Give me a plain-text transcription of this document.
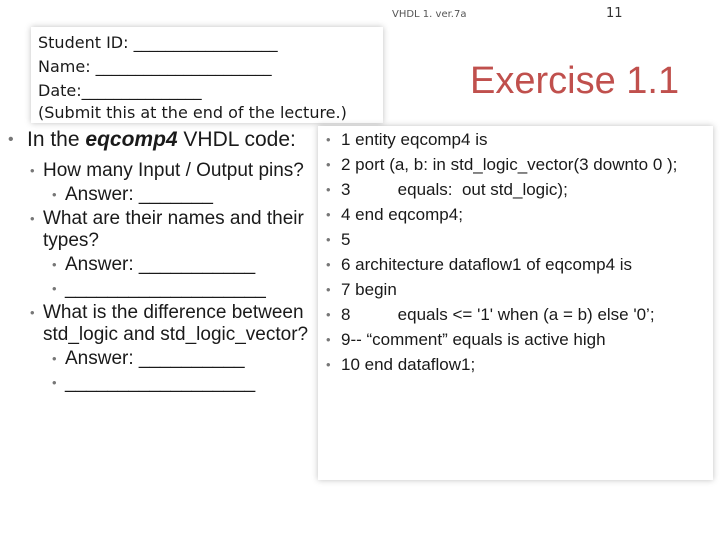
VHDL 1. ver.7a	11
Student ID: __________________
Name: ______________________
Date:_______________
(Submit this at the end of the lecture.)
Exercise 1.1
• In the eqcomp4 VHDL code:
• How many Input / Output pins?
• Answer: _______
• What are their names and their types?
• Answer: ___________
• ___________________
• What is the difference between std_logic and std_logic_vector?
• Answer: __________
• __________________
• 1 entity eqcomp4 is
• 2 port (a, b: in std_logic_vector(3 downto 0 );
• 3          equals:  out std_logic);
• 4 end eqcomp4;
• 5
• 6 architecture dataflow1 of eqcomp4 is
• 7 begin
• 8          equals <= '1' when (a = b) else '0’;
• 9-- “comment” equals is active high
• 10 end dataflow1;
